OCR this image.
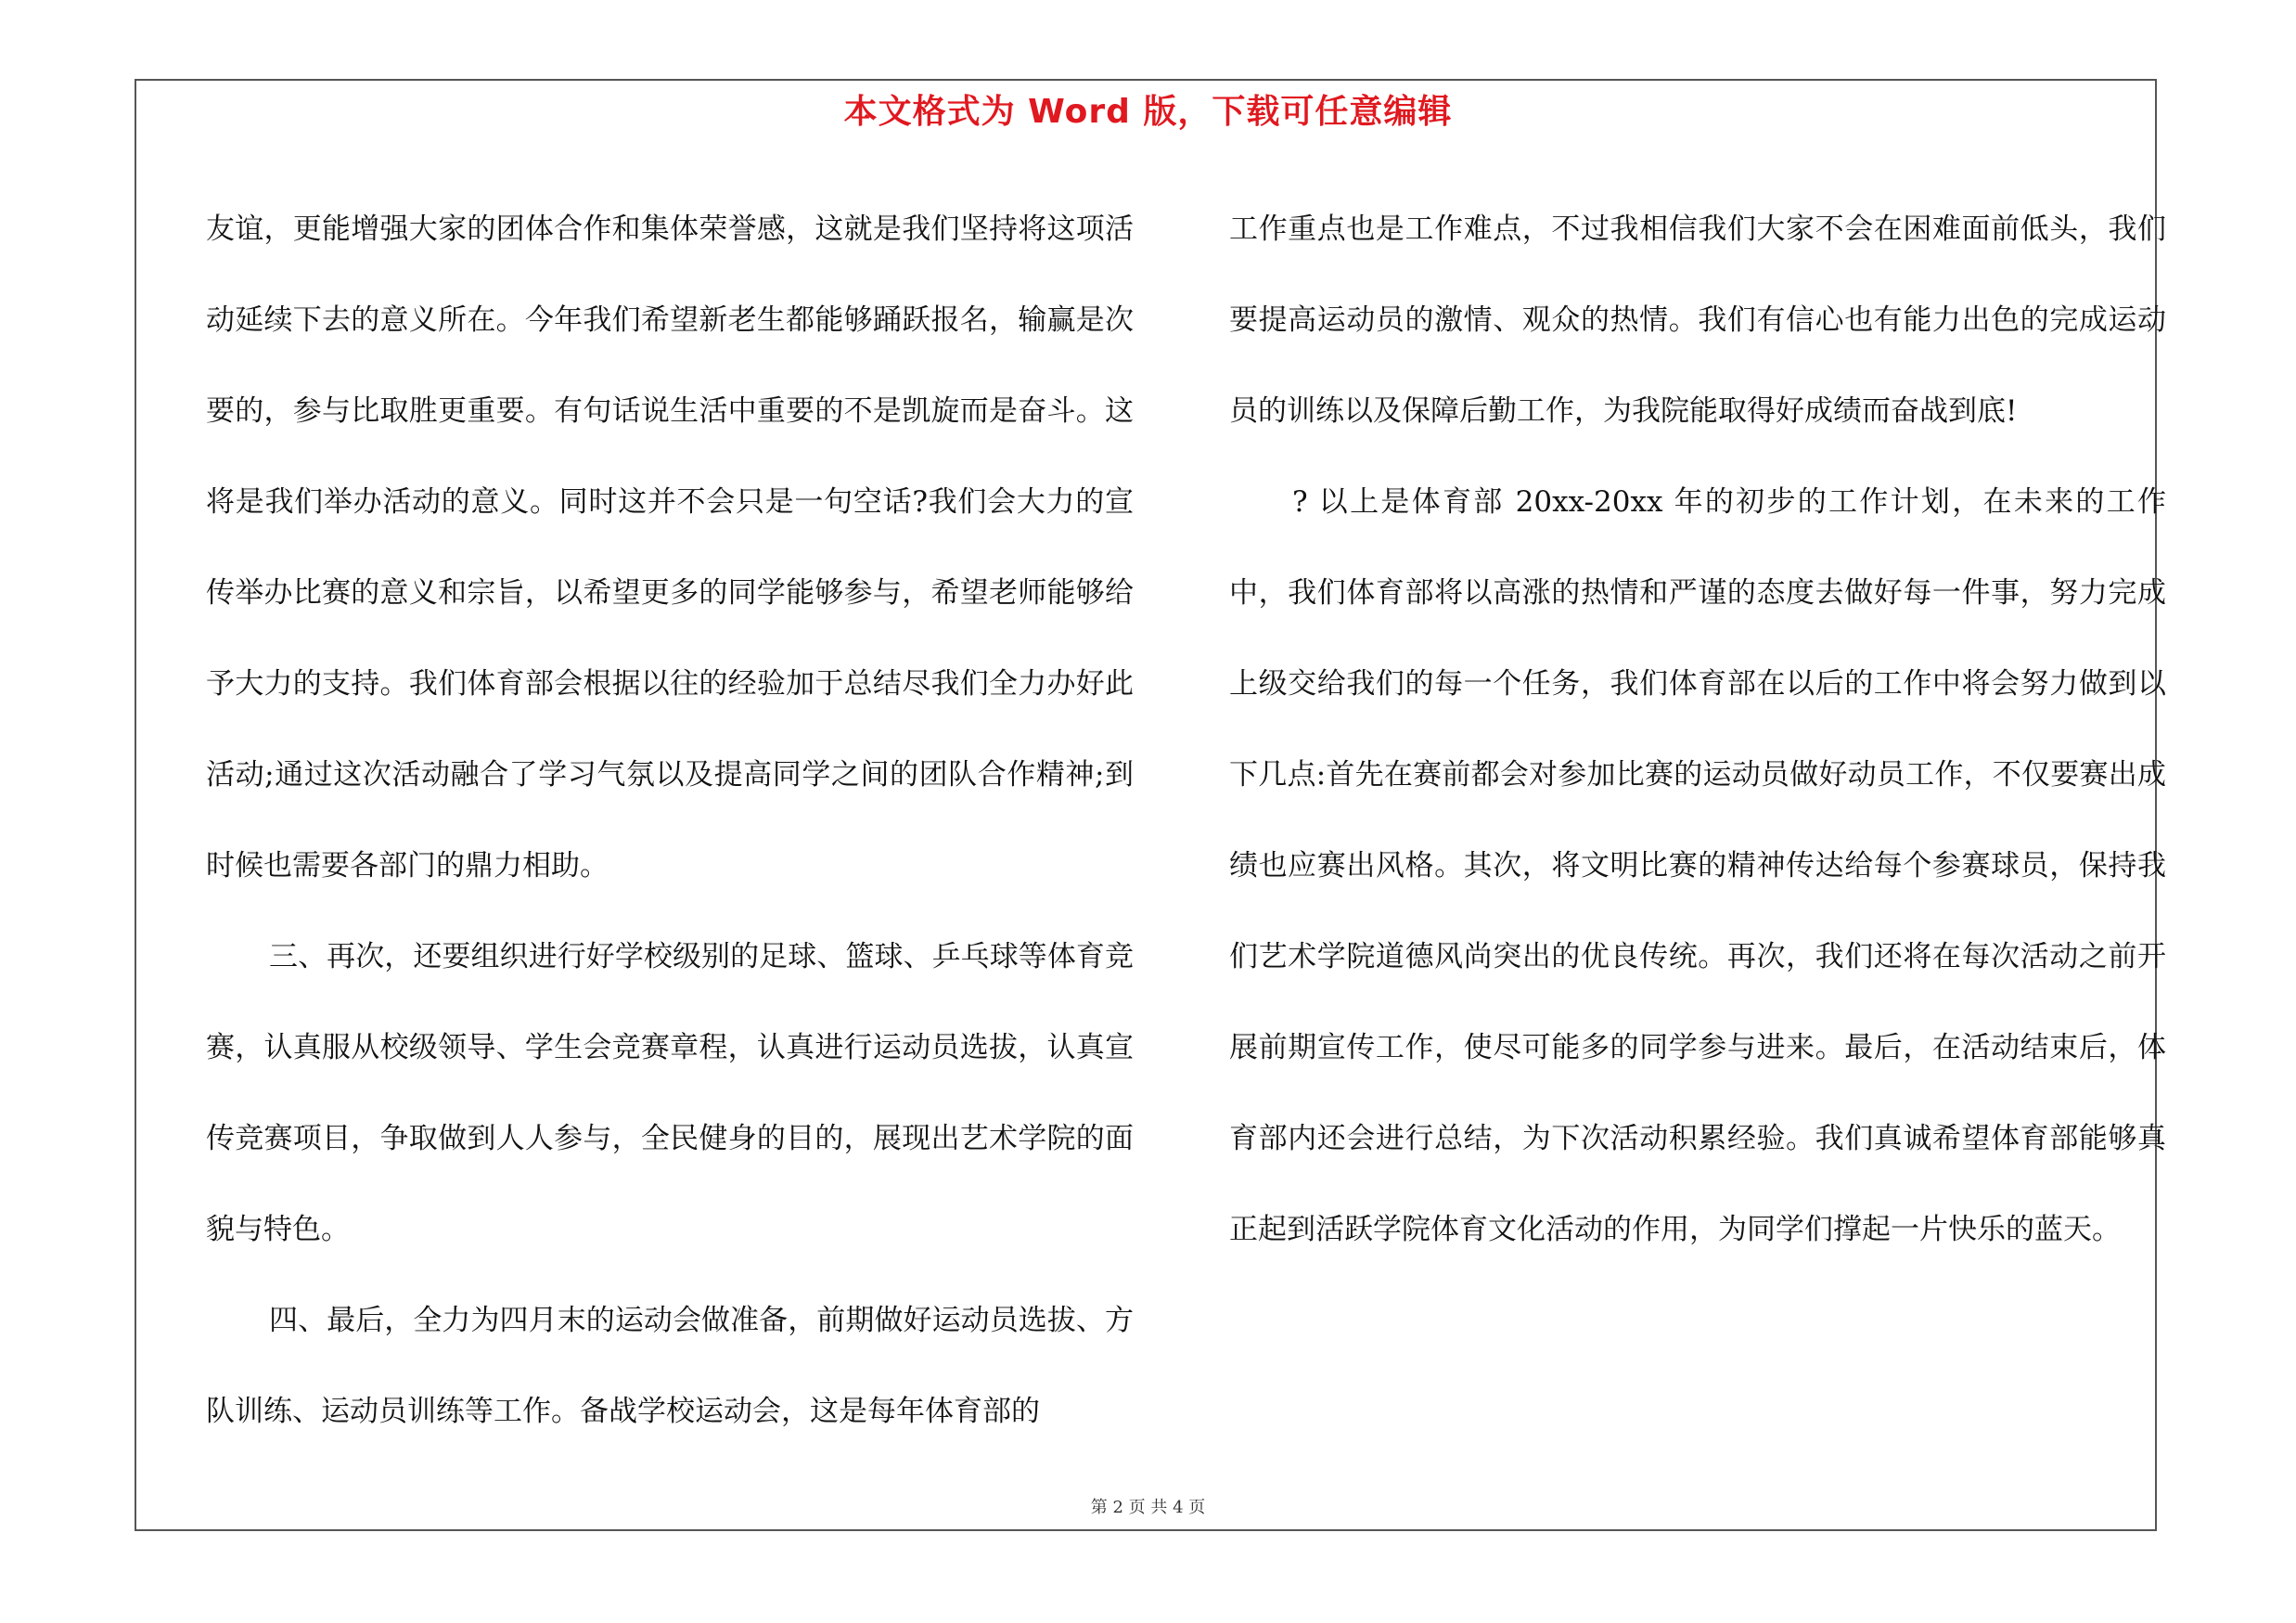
本文格式为 Word 版，下载可任意编辑

友谊，更能增强大家的团体合作和集体荣誉感，这就是我们坚持将这项活动延续下去的意义所在。今年我们希望新老生都能够踊跃报名，输赢是次要的，参与比取胜更重要。有句话说生活中重要的不是凯旋而是奋斗。这将是我们举办活动的意义。同时这并不会只是一句空话?我们会大力的宣传举办比赛的意义和宗旨，以希望更多的同学能够参与，希望老师能够给予大力的支持。我们体育部会根据以往的经验加于总结尽我们全力办好此活动;通过这次活动融合了学习气氛以及提高同学之间的团队合作精神;到时候也需要各部门的鼎力相助。

三、再次，还要组织进行好学校级别的足球、篮球、乒乓球等体育竞赛，认真服从校级领导、学生会竞赛章程，认真进行运动员选拔，认真宣传竞赛项目，争取做到人人参与，全民健身的目的，展现出艺术学院的面貌与特色。

四、最后，全力为四月末的运动会做准备，前期做好运动员选拔、方队训练、运动员训练等工作。备战学校运动会，这是每年体育部的

工作重点也是工作难点，不过我相信我们大家不会在困难面前低头，我们要提高运动员的激情、观众的热情。我们有信心也有能力出色的完成运动员的训练以及保障后勤工作，为我院能取得好成绩而奋战到底!

? 以上是体育部 20xx-20xx 年的初步的工作计划，在未来的工作中，我们体育部将以高涨的热情和严谨的态度去做好每一件事，努力完成上级交给我们的每一个任务，我们体育部在以后的工作中将会努力做到以下几点:首先在赛前都会对参加比赛的运动员做好动员工作，不仅要赛出成绩也应赛出风格。其次，将文明比赛的精神传达给每个参赛球员，保持我们艺术学院道德风尚突出的优良传统。再次，我们还将在每次活动之前开展前期宣传工作，使尽可能多的同学参与进来。最后，在活动结束后，体育部内还会进行总结，为下次活动积累经验。我们真诚希望体育部能够真正起到活跃学院体育文化活动的作用，为同学们撑起一片快乐的蓝天。

第 2 页 共 4 页
